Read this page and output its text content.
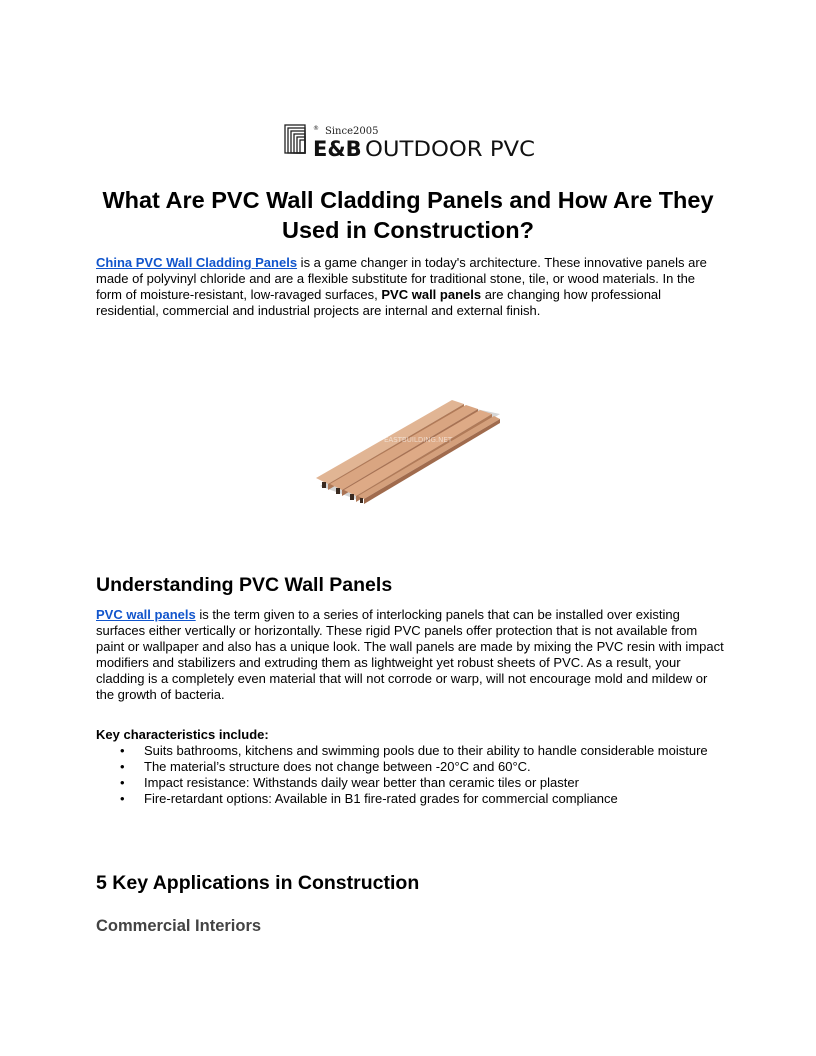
® Since2005
E&B OUTDOOR PVC
What Are PVC Wall Cladding Panels and How Are They Used in Construction?

China PVC Wall Cladding Panels is a game changer in today's architecture. These innovative panels are made of polyvinyl chloride and are a flexible substitute for traditional stone, tile, or wood materials. In the form of moisture-resistant, low-ravaged surfaces, PVC wall panels are changing how professional residential, commercial and industrial projects are internal and external finish.

EASTBUILDING.NET
Understanding PVC Wall Panels

PVC wall panels is the term given to a series of interlocking panels that can be installed over existing surfaces either vertically or horizontally. These rigid PVC panels offer protection that is not available from paint or wallpaper and also has a unique look. The wall panels are made by mixing the PVC resin with impact modifiers and stabilizers and extruding them as lightweight yet robust sheets of PVC. As a result, your cladding is a completely even material that will not corrode or warp, will not encourage mold and mildew or the growth of bacteria.

Key characteristics include:

•	Suits bathrooms, kitchens and swimming pools due to their ability to handle considerable moisture
•	The material’s structure does not change between -20°C and 60°C.
•	Impact resistance: Withstands daily wear better than ceramic tiles or plaster
•	Fire-retardant options: Available in B1 fire-rated grades for commercial compliance
5 Key Applications in Construction
Commercial Interiors
